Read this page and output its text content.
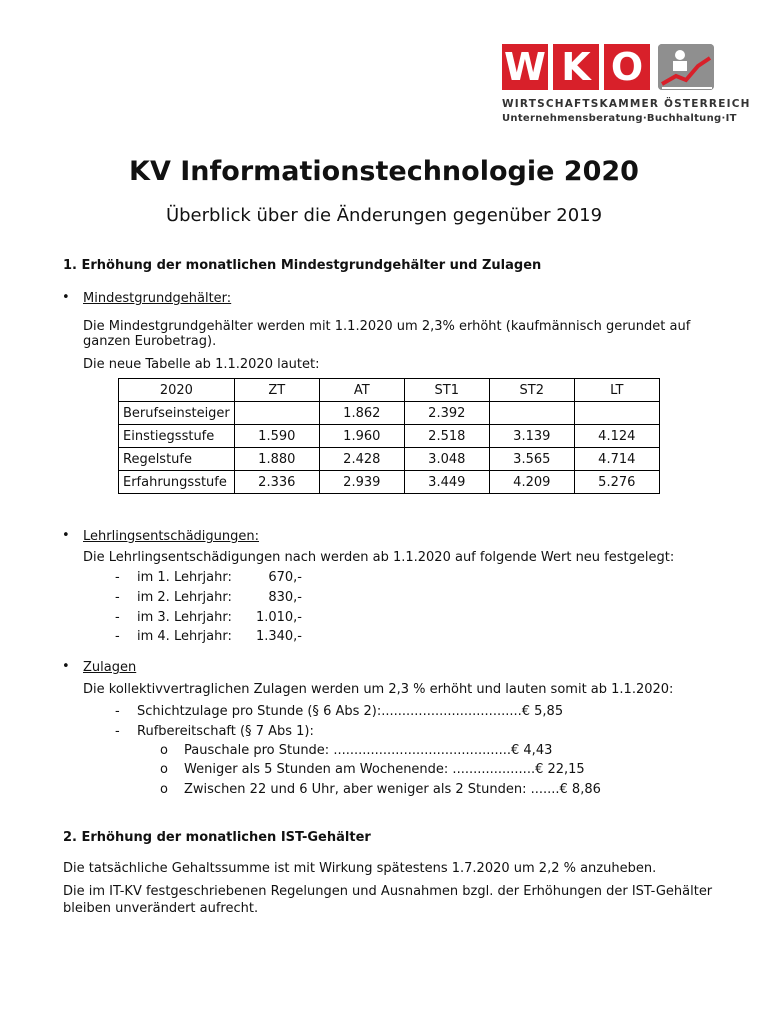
W K O
WIRTSCHAFTSKAMMER ÖSTERREICH
Unternehmensberatung·Buchhaltung·IT
KV Informationstechnologie 2020
Überblick über die Änderungen gegenüber 2019
1. Erhöhung der monatlichen Mindestgrundgehälter und Zulagen
• Mindestgrundgehälter:
Die Mindestgrundgehälter werden mit 1.1.2020 um 2,3% erhöht (kaufmännisch gerundet auf
ganzen Eurobetrag).
Die neue Tabelle ab 1.1.2020 lautet:
2020	ZT	AT	ST1	ST2	LT
Berufseinsteiger		1.862	2.392		
Einstiegsstufe	1.590	1.960	2.518	3.139	4.124
Regelstufe	1.880	2.428	3.048	3.565	4.714
Erfahrungsstufe	2.336	2.939	3.449	4.209	5.276
• Lehrlingsentschädigungen:
Die Lehrlingsentschädigungen nach werden ab 1.1.2020 auf folgende Wert neu festgelegt:
- im 1. Lehrjahr:	670,-
- im 2. Lehrjahr:	830,-
- im 3. Lehrjahr:	1.010,-
- im 4. Lehrjahr:	1.340,-
• Zulagen
Die kollektivvertraglichen Zulagen werden um 2,3 % erhöht und lauten somit ab 1.1.2020:
- Schichtzulage pro Stunde (§ 6 Abs 2):..................................€ 5,85
- Rufbereitschaft (§ 7 Abs 1):
o Pauschale pro Stunde: ...........................................€ 4,43
o Weniger als 5 Stunden am Wochenende: ....................€ 22,15
o Zwischen 22 und 6 Uhr, aber weniger als 2 Stunden: .......€ 8,86
2. Erhöhung der monatlichen IST-Gehälter
Die tatsächliche Gehaltssumme ist mit Wirkung spätestens 1.7.2020 um 2,2 % anzuheben.
Die im IT-KV festgeschriebenen Regelungen und Ausnahmen bzgl. der Erhöhungen der IST-Gehälter
bleiben unverändert aufrecht.
